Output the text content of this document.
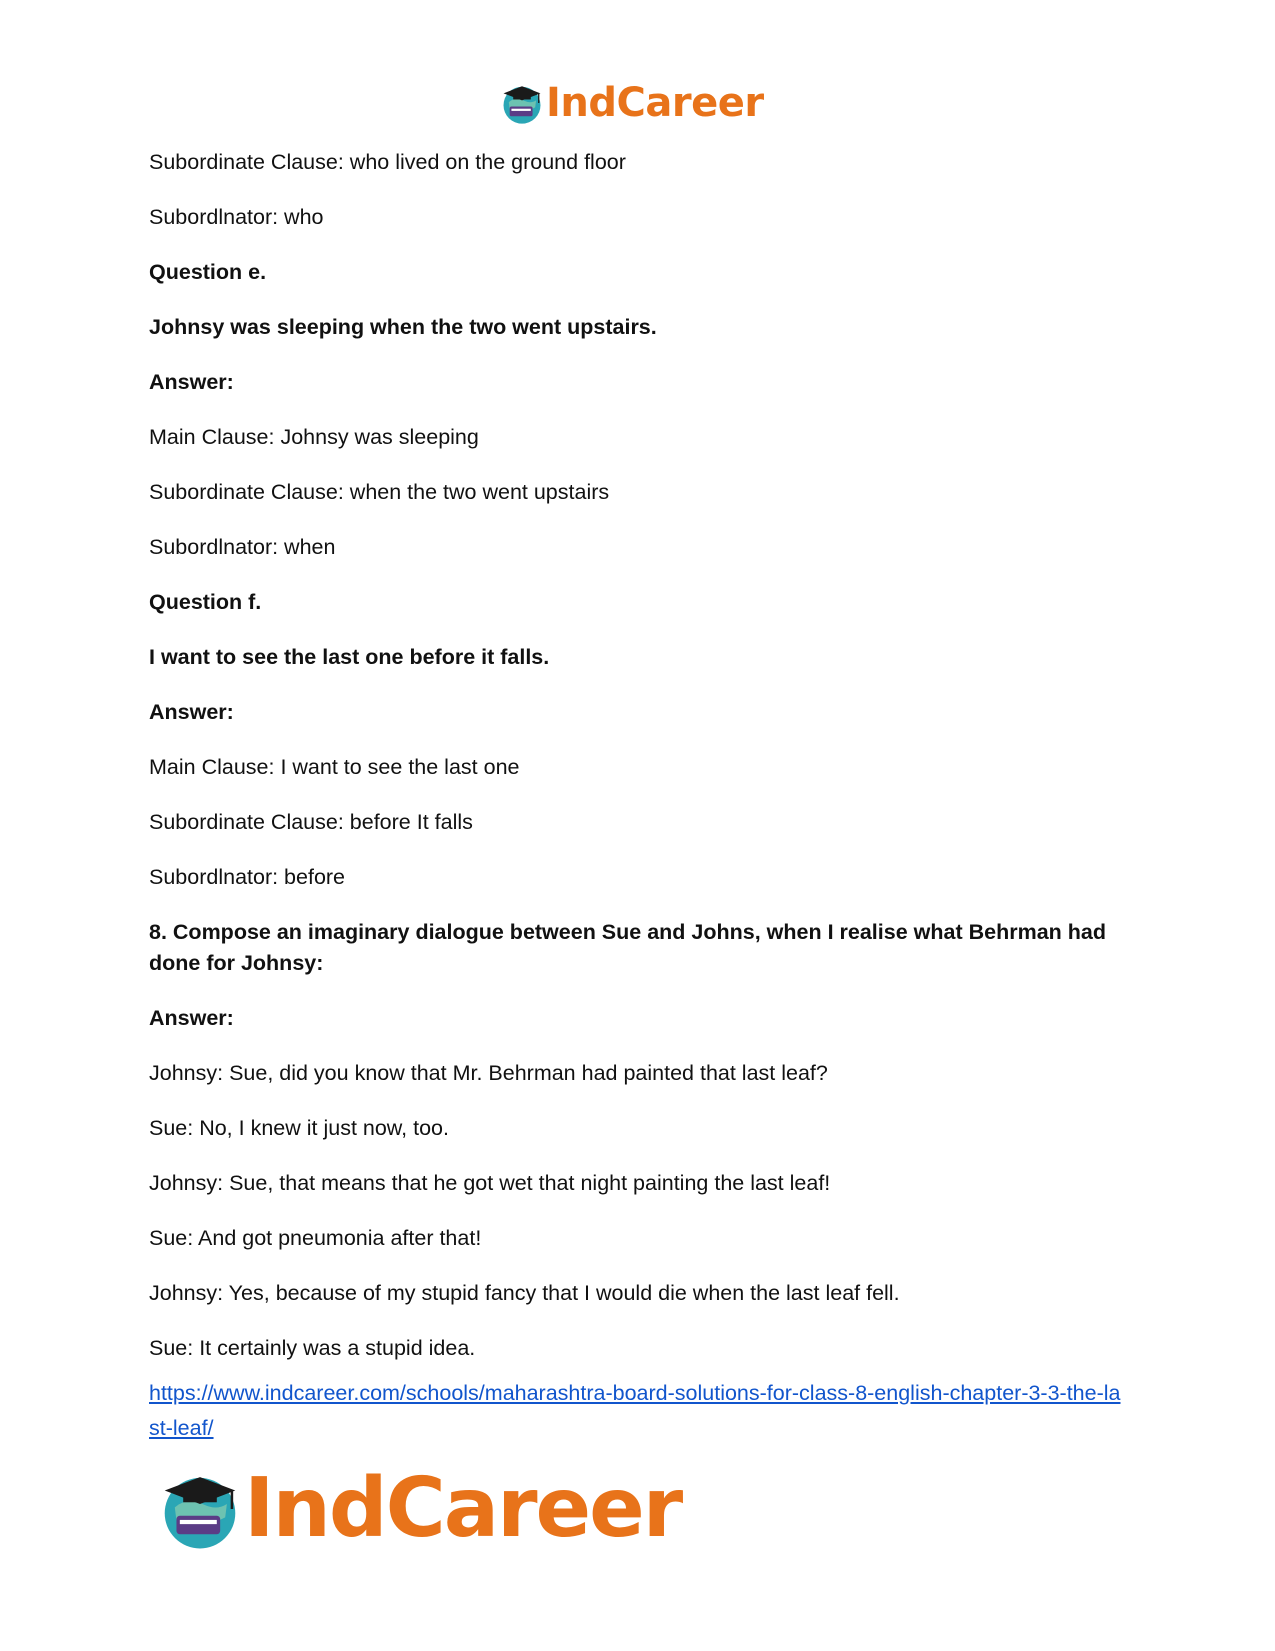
IndCareer

Subordinate Clause: who lived on the ground floor

Subordlnator: who

Question e.

Johnsy was sleeping when the two went upstairs.

Answer:

Main Clause: Johnsy was sleeping

Subordinate Clause: when the two went upstairs

Subordlnator: when

Question f.

I want to see the last one before it falls.

Answer:

Main Clause: I want to see the last one

Subordinate Clause: before It falls

Subordlnator: before

8. Compose an imaginary dialogue between Sue and Johns, when I realise what Behrman had done for Johnsy:

Answer:

Johnsy: Sue, did you know that Mr. Behrman had painted that last leaf?

Sue: No, I knew it just now, too.

Johnsy: Sue, that means that he got wet that night painting the last leaf!

Sue: And got pneumonia after that!

Johnsy: Yes, because of my stupid fancy that I would die when the last leaf fell.

Sue: It certainly was a stupid idea.

https://www.indcareer.com/schools/maharashtra-board-solutions-for-class-8-english-chapter-3-3-the-last-leaf/
IndCareer
